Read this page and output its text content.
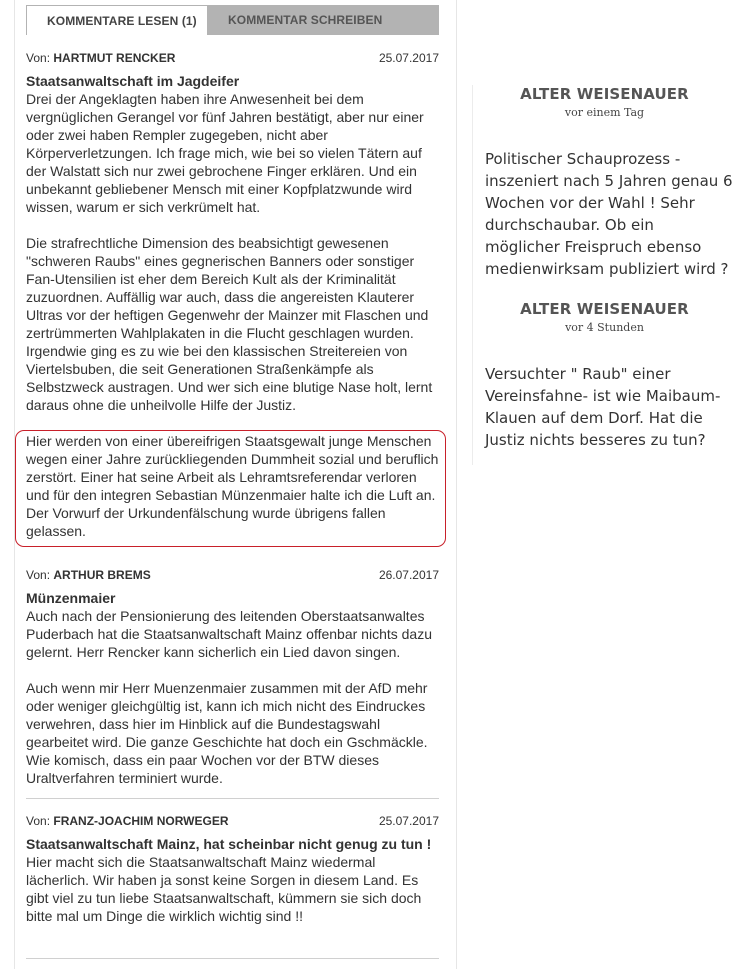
KOMMENTARE LESEN (1)	KOMMENTAR SCHREIBEN
Von: HARTMUT RENCKER	25.07.2017
Staatsanwaltschaft im Jagdeifer

Drei der Angeklagten haben ihre Anwesenheit bei dem vergnüglichen Gerangel vor fünf Jahren bestätigt, aber nur einer oder zwei haben Rempler zugegeben, nicht aber Körperverletzungen. Ich frage mich, wie bei so vielen Tätern auf der Walstatt sich nur zwei gebrochene Finger erklären. Und ein unbekannt gebliebener Mensch mit einer Kopfplatzwunde wird wissen, warum er sich verkrümelt hat.

Die strafrechtliche Dimension des beabsichtigt gewesenen "schweren Raubs" eines gegnerischen Banners oder sonstiger Fan-Utensilien ist eher dem Bereich Kult als der Kriminalität zuzuordnen. Auffällig war auch, dass die angereisten Klauterer Ultras vor der heftigen Gegenwehr der Mainzer mit Flaschen und zertrümmerten Wahlplakaten in die Flucht geschlagen wurden. Irgendwie ging es zu wie bei den klassischen Streitereien von Viertelsbuben, die seit Generationen Straßenkämpfe als Selbstzweck austragen. Und wer sich eine blutige Nase holt, lernt daraus ohne die unheilvolle Hilfe der Justiz.

Hier werden von einer übereifrigen Staatsgewalt junge Menschen wegen einer Jahre zurückliegenden Dummheit sozial und beruflich zerstört. Einer hat seine Arbeit als Lehramtsreferendar verloren und für den integren Sebastian Münzenmaier halte ich die Luft an. Der Vorwurf der Urkundenfälschung wurde übrigens fallen gelassen.

Von: ARTHUR BREMS	26.07.2017
Münzenmaier

Auch nach der Pensionierung des leitenden Oberstaatsanwaltes Puderbach hat die Staatsanwaltschaft Mainz offenbar nichts dazu gelernt. Herr Rencker kann sicherlich ein Lied davon singen.

Auch wenn mir Herr Muenzenmaier zusammen mit der AfD mehr oder weniger gleichgültig ist, kann ich mich nicht des Eindruckes verwehren, dass hier im Hinblick auf die Bundestagswahl gearbeitet wird. Die ganze Geschichte hat doch ein Gschmäckle. Wie komisch, dass ein paar Wochen vor der BTW dieses Uraltverfahren terminiert wurde.

Von: FRANZ-JOACHIM NORWEGER	25.07.2017
Staatsanwaltschaft Mainz, hat scheinbar nicht genug zu tun !

Hier macht sich die Staatsanwaltschaft Mainz wiedermal lächerlich. Wir haben ja sonst keine Sorgen in diesem Land. Es gibt viel zu tun liebe Staatsanwaltschaft, kümmern sie sich doch bitte mal um Dinge die wirklich wichtig sind !!

ALTER WEISENAUER
vor einem Tag
Politischer Schauprozess - inszeniert nach 5 Jahren genau 6 Wochen vor der Wahl ! Sehr durchschaubar. Ob ein möglicher Freispruch ebenso medienwirksam publiziert wird ?
ALTER WEISENAUER
vor 4 Stunden
Versuchter " Raub" einer Vereinsfahne- ist wie Maibaum-Klauen auf dem Dorf. Hat die Justiz nichts besseres zu tun?
